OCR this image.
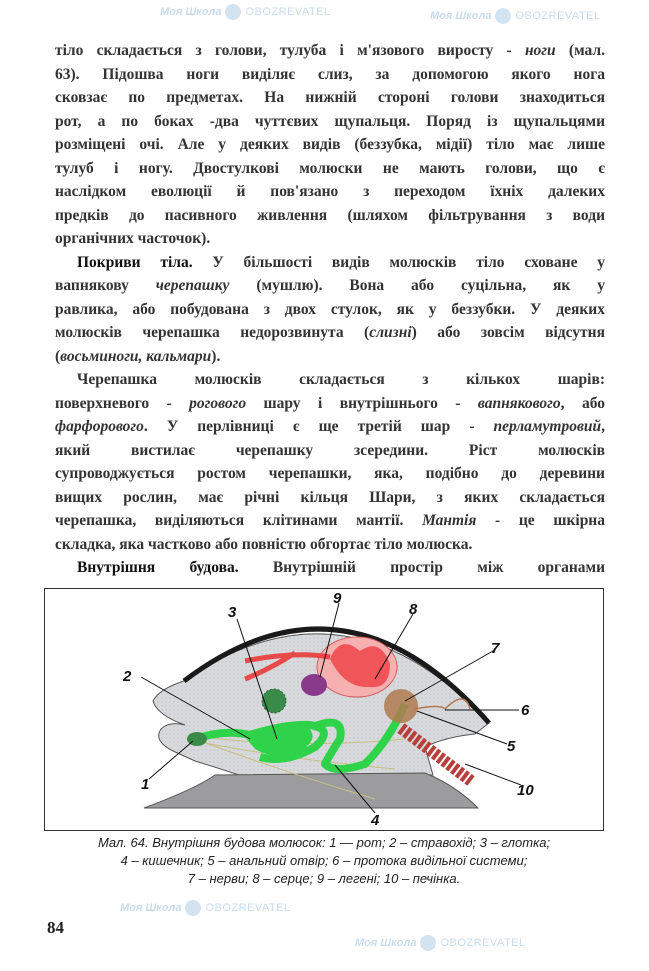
Моя Школа OBOZREVATEL	Моя Школа OBOZREVATEL
Моя Школа OBOZREVATEL
Моя Школа OBOZREVATEL
тіло складається з голови, тулуба і м'язового виросту - ноги (мал.
63). Підошва ноги виділяє слиз, за допомогою якого нога
сковзає по предметах. На нижній стороні голови знаходиться
рот, а по боках -два чуттєвих щупальця. Поряд із щупальцями
розміщені очі. Але у деяких видів (беззубка, мідії) тіло має лише
тулуб і ногу. Двостулкові молюски не мають голови, що є
наслідком еволюції й пов'язано з переходом їхніх далеких
предків до пасивного живлення (шляхом фільтрування з води
органічних часточок).
Покриви тіла. У більшості видів молюсків тіло сховане у
вапнякову черепашку (мушлю). Вона або суцільна, як у
равлика, або побудована з двох стулок, як у беззубки. У деяких
молюсків черепашка недорозвинута (слизні) або зовсім відсутня
(восьминоги, кальмари).
Черепашка молюсків складається з кількох шарів:
поверхневого - рогового шару і внутрішнього - вапнякового, або
фарфорового. У перлівниці є ще третій шар - перламутровий,
який вистилає черепашку зсередини. Ріст молюсків
супроводжується ростом черепашки, яка, подібно до деревини
вищих рослин, має річні кільця Шари, з яких складається
черепашка, виділяються клітинами мантії. Мантія - це шкірна
складка, яка частково або повністю обгортає тіло молюска.
Внутрішня будова. Внутрішній простір між органами
1
2
3
4
5
6
7
8
9
10
Мал. 64. Внутрішня будова молюсок: 1 — рот; 2 – стравохід; 3 – глотка;
4 – кишечник; 5 – анальний отвір; 6 – протока видільної системи;
7 – нерви; 8 – серце; 9 – легені; 10 – печінка.
84
